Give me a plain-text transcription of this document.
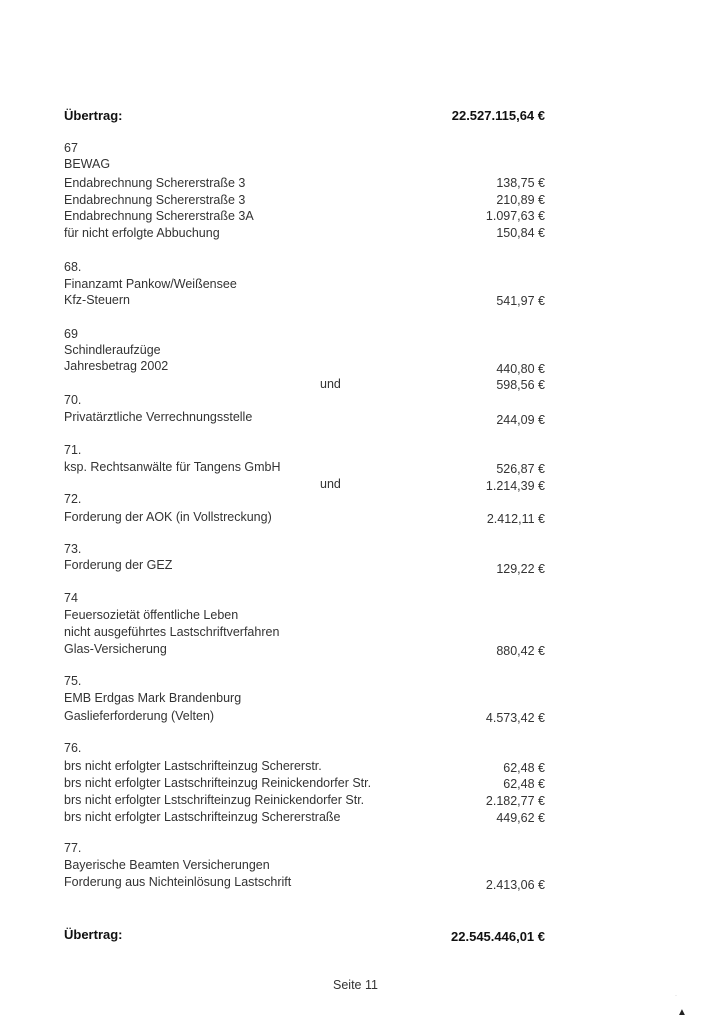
Übertrag:	22.527.115,64 €
67
BEWAG
Endabrechnung Schererstraße 3	138,75 €
Endabrechnung Schererstraße 3	210,89 €
Endabrechnung Schererstraße 3A	1.097,63 €
für nicht erfolgte Abbuchung	150,84 €
68.
Finanzamt Pankow/Weißensee
Kfz-Steuern	541,97 €
69
Schindleraufzüge
Jahresbetrag 2002	440,80 €
und	598,56 €
70.
Privatärztliche Verrechnungsstelle	244,09 €
71.
ksp. Rechtsanwälte für Tangens GmbH	526,87 €
und	1.214,39 €
72.
Forderung der AOK (in Vollstreckung)	2.412,11 €
73.
Forderung der GEZ	129,22 €
74
Feuersozietät öffentliche Leben
nicht ausgeführtes Lastschriftverfahren
Glas-Versicherung	880,42 €
75.
EMB Erdgas Mark Brandenburg
Gaslieferforderung (Velten)	4.573,42 €
76.
brs nicht erfolgter Lastschrifteinzug Schererstr.	62,48 €
brs nicht erfolgter Lastschrifteinzug Reinickendorfer Str.	62,48 €
brs nicht erfolgter Lstschrifteinzug Reinickendorfer Str.	2.182,77 €
brs nicht erfolgter Lastschrifteinzug Schererstraße	449,62 €
77.
Bayerische Beamten Versicherungen
Forderung aus Nichteinlösung Lastschrift	2.413,06 €
Übertrag:	22.545.446,01 €
Seite 11
·
▲
